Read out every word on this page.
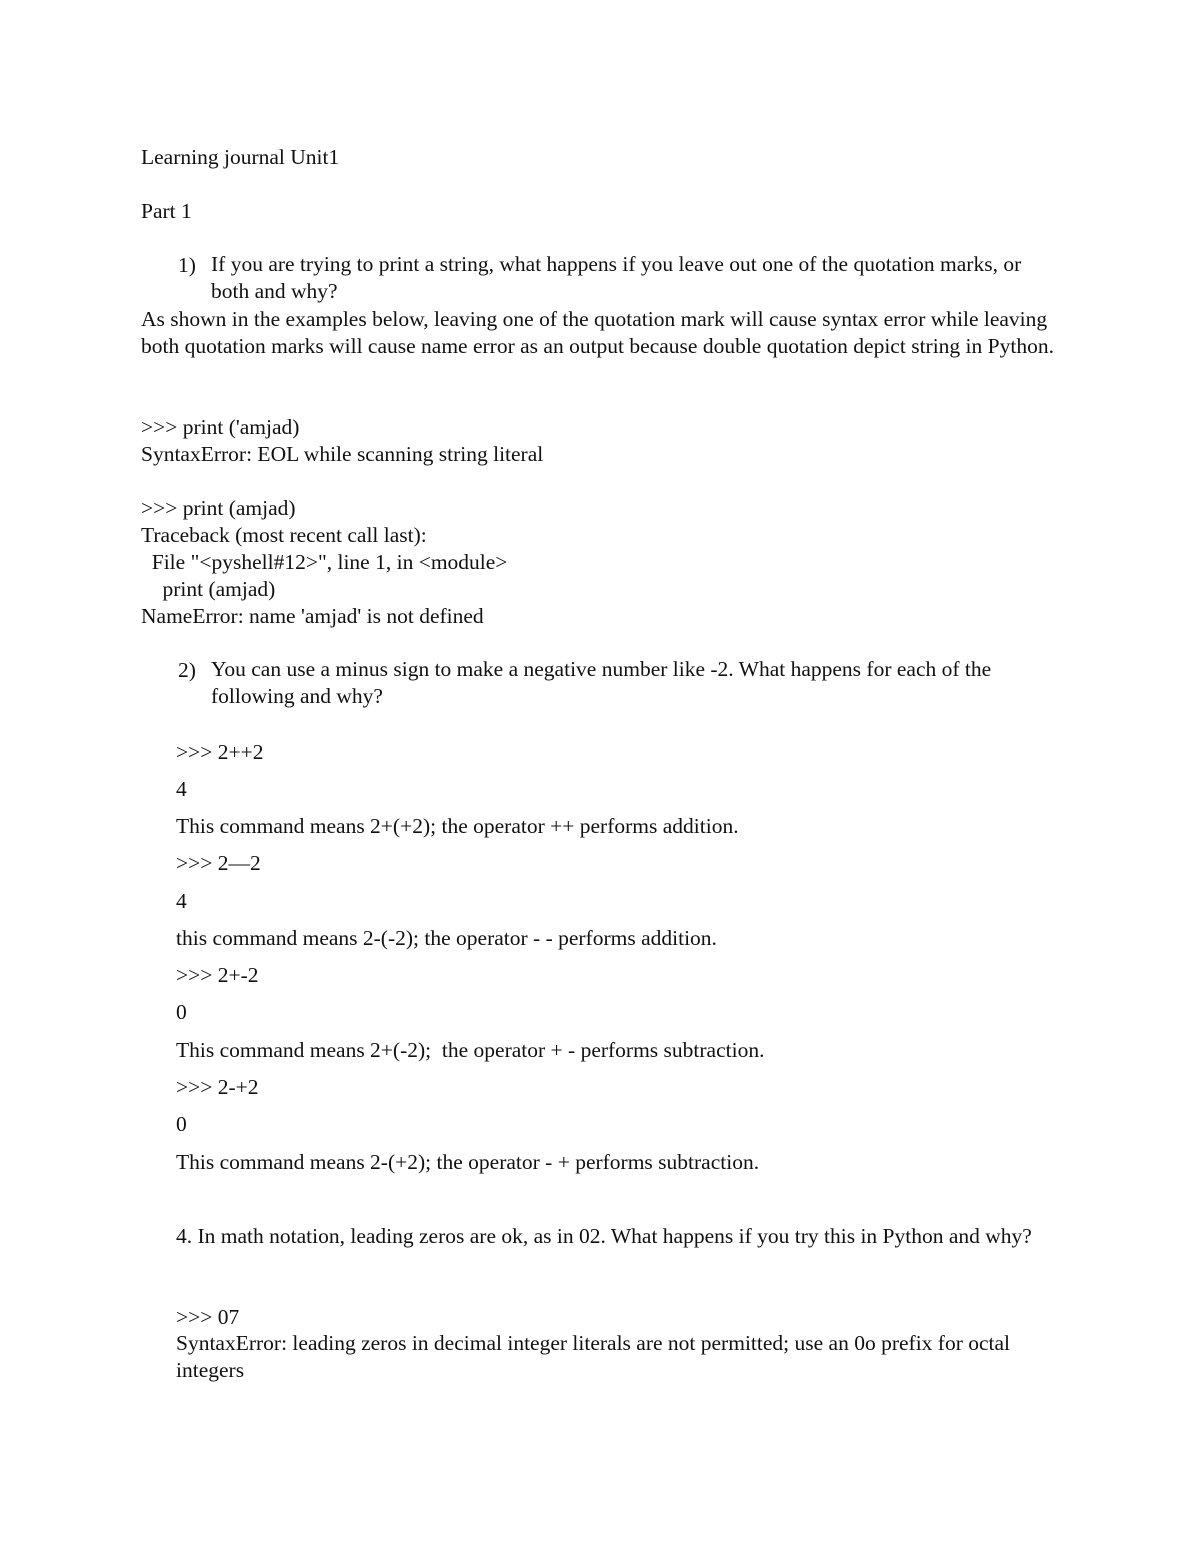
Learning journal Unit1
Part 1
1) If you are trying to print a string, what happens if you leave out one of the quotation marks, or both and why?
As shown in the examples below, leaving one of the quotation mark will cause syntax error while leaving both quotation marks will cause name error as an output because double quotation depict string in Python.
>>> print ('amjad)
SyntaxError: EOL while scanning string literal
>>> print (amjad)
Traceback (most recent call last):
File "<pyshell#12>", line 1, in <module>
print (amjad)
NameError: name 'amjad' is not defined
2) You can use a minus sign to make a negative number like -2. What happens for each of the following and why?
>>> 2++2
4
This command means 2+(+2); the operator ++ performs addition.
>>> 2—2
4
this command means 2-(-2); the operator - - performs addition.
>>> 2+-2
0
This command means 2+(-2);  the operator + - performs subtraction.
>>> 2-+2
0
This command means 2-(+2); the operator - + performs subtraction.
4. In math notation, leading zeros are ok, as in 02. What happens if you try this in Python and why?
>>> 07
SyntaxError: leading zeros in decimal integer literals are not permitted; use an 0o prefix for octal integers
